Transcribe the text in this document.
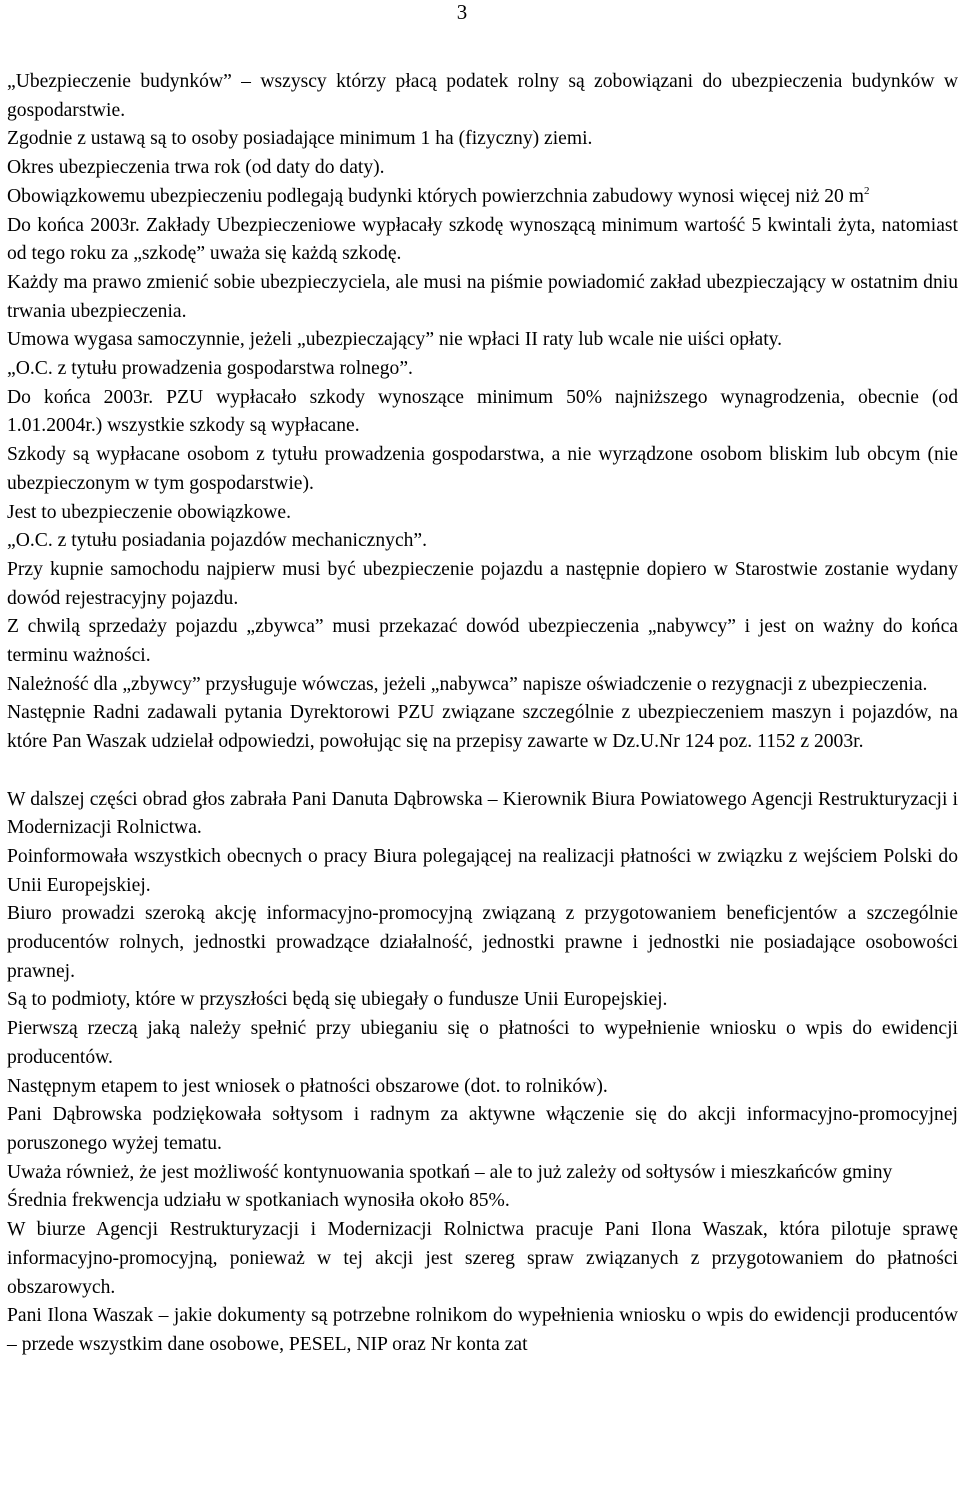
3

„Ubezpieczenie budynków” – wszyscy którzy płacą podatek rolny są zobowiązani do ubezpieczenia budynków w gospodarstwie.

Zgodnie z ustawą są to osoby posiadające minimum 1 ha (fizyczny) ziemi.

Okres ubezpieczenia trwa rok (od daty do daty).

Obowiązkowemu ubezpieczeniu podlegają budynki których powierzchnia zabudowy wynosi więcej niż 20 $m^2$

Do końca 2003r. Zakłady Ubezpieczeniowe wypłacały szkodę wynoszącą minimum wartość 5 kwintali żyta, natomiast od tego roku za „szkodę” uważa się każdą szkodę.

Każdy ma prawo zmienić sobie ubezpieczyciela, ale musi na piśmie powiadomić zakład ubezpieczający w ostatnim dniu trwania ubezpieczenia.

Umowa wygasa samoczynnie, jeżeli „ubezpieczający” nie wpłaci II raty lub wcale nie uiści opłaty.

„O.C. z tytułu prowadzenia gospodarstwa rolnego”.

Do końca 2003r. PZU wypłacało szkody wynoszące minimum 50% najniższego wynagrodzenia, obecnie (od 1.01.2004r.) wszystkie szkody są wypłacane.

Szkody są wypłacane osobom z tytułu prowadzenia gospodarstwa, a nie wyrządzone osobom bliskim lub obcym (nie ubezpieczonym w tym gospodarstwie).

Jest to ubezpieczenie obowiązkowe.

„O.C. z tytułu posiadania pojazdów mechanicznych”.

Przy kupnie samochodu najpierw musi być ubezpieczenie pojazdu a następnie dopiero w Starostwie zostanie wydany dowód rejestracyjny pojazdu.

Z chwilą sprzedaży pojazdu „zbywca” musi przekazać dowód ubezpieczenia „nabywcy” i jest on ważny do końca terminu ważności.

Należność dla „zbywcy” przysługuje wówczas, jeżeli „nabywca” napisze oświadczenie o rezygnacji z ubezpieczenia.

Następnie Radni zadawali pytania Dyrektorowi PZU związane szczególnie z ubezpieczeniem maszyn i pojazdów, na które Pan Waszak udzielał odpowiedzi, powołując się na przepisy zawarte w Dz.U.Nr 124 poz. 1152 z 2003r.

W dalszej części obrad głos zabrała Pani Danuta Dąbrowska – Kierownik Biura Powiatowego Agencji Restrukturyzacji i Modernizacji Rolnictwa.

Poinformowała wszystkich obecnych o pracy Biura polegającej na realizacji płatności w związku z wejściem Polski do Unii Europejskiej.

Biuro prowadzi szeroką akcję informacyjno-promocyjną związaną z przygotowaniem beneficjentów a szczególnie producentów rolnych, jednostki prowadzące działalność, jednostki prawne i jednostki nie posiadające osobowości prawnej.

Są to podmioty, które w przyszłości będą się ubiegały o fundusze Unii Europejskiej.

Pierwszą rzeczą jaką należy spełnić przy ubieganiu się o płatności to wypełnienie wniosku o wpis do ewidencji producentów.

Następnym etapem to jest wniosek o płatności obszarowe (dot. to rolników).

Pani Dąbrowska podziękowała sołtysom i radnym za aktywne włączenie się do akcji informacyjno-promocyjnej poruszonego wyżej tematu.

Uważa również, że jest możliwość kontynuowania spotkań – ale to już zależy od sołtysów i mieszkańców gminy

Średnia frekwencja udziału w spotkaniach wynosiła około 85%.

W biurze Agencji Restrukturyzacji i Modernizacji Rolnictwa pracuje Pani Ilona Waszak, która pilotuje sprawę informacyjno-promocyjną, ponieważ w tej akcji jest szereg spraw związanych z przygotowaniem do płatności obszarowych.

Pani Ilona Waszak – jakie dokumenty są potrzebne rolnikom do wypełnienia wniosku o wpis do ewidencji producentów – przede wszystkim dane osobowe, PESEL, NIP oraz Nr konta zat
